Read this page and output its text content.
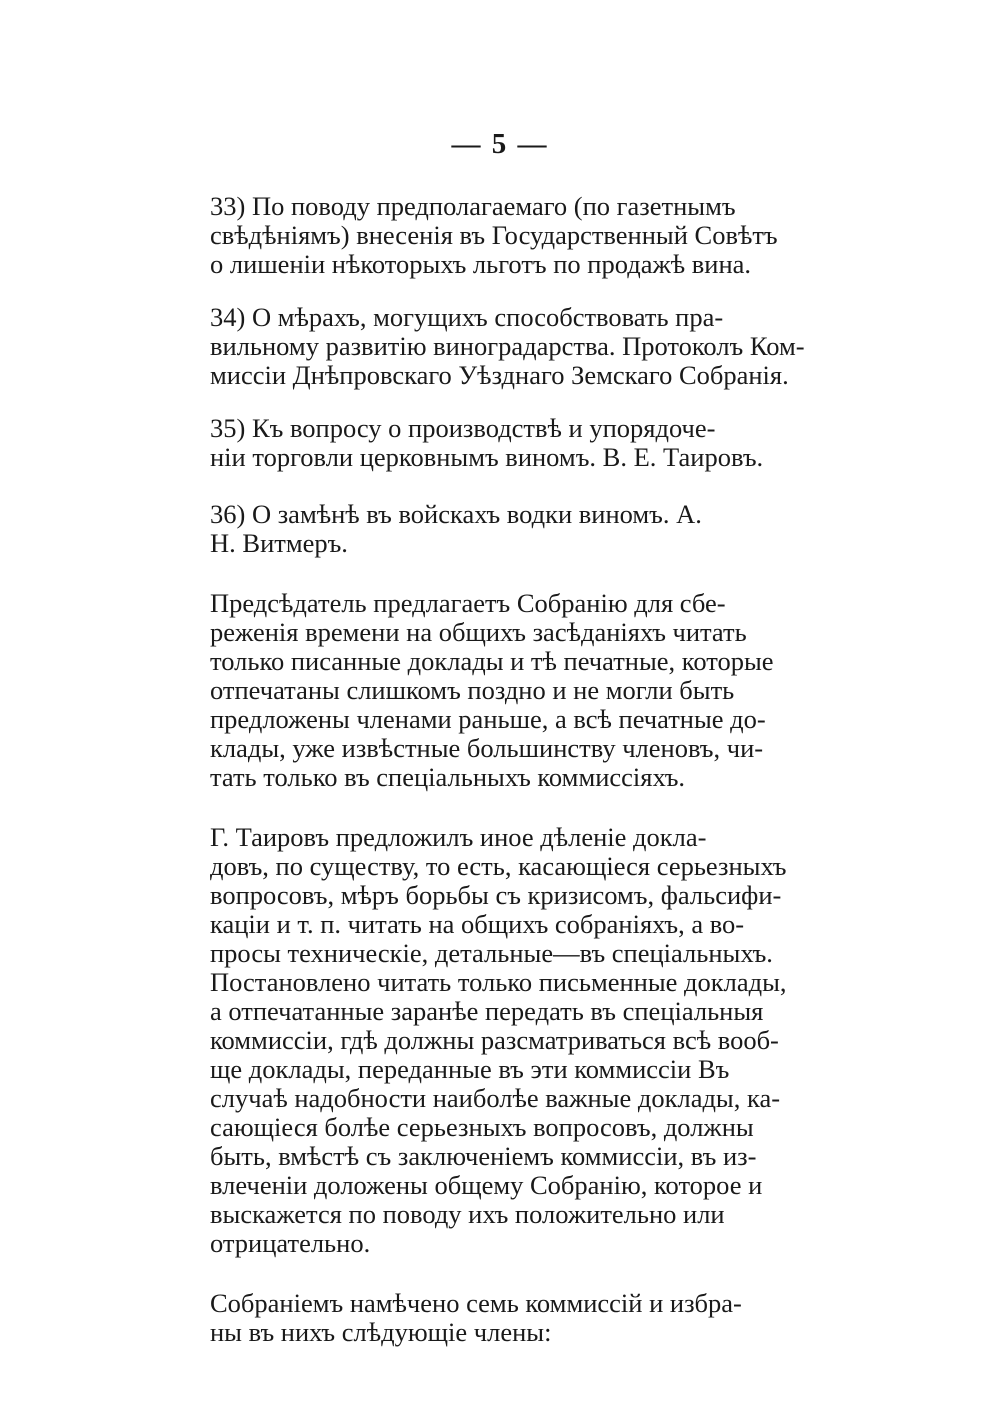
— 5 —

33) По поводу предполагаемаго (по газетнымъ
свѣдѣніямъ) внесенія въ Государственный Совѣтъ
о лишеніи нѣкоторыхъ льготъ по продажѣ вина.

34) О мѣрахъ, могущихъ способствовать пра-
вильному развитію виноградарства. Протоколъ Ком-
миссіи Днѣпровскаго Уѣзднаго Земскаго Собранія.

35) Къ вопросу о производствѣ и упорядоче-
ніи торговли церковнымъ виномъ. В. Е. Таировъ.

36) О замѣнѣ въ войскахъ водки виномъ. А.
Н. Витмеръ.

Предсѣдатель предлагаетъ Собранію для сбе-
реженія времени на общихъ засѣданіяхъ читать
только писанные доклады и тѣ печатные, которые
отпечатаны слишкомъ поздно и не могли быть
предложены членами раньше, а всѣ печатные до-
клады, уже извѣстные большинству членовъ, чи-
тать только въ спеціальныхъ коммиссіяхъ.

Г. Таировъ предложилъ иное дѣленіе докла-
довъ, по существу, то есть, касающіеся серьезныхъ
вопросовъ, мѣръ борьбы съ кризисомъ, фальсифи-
каціи и т. п. читать на общихъ собраніяхъ, а во-
просы техническіе, детальные—въ спеціальныхъ.
Постановлено читать только письменные доклады,
а отпечатанные заранѣе передать въ спеціальныя
коммиссіи, гдѣ должны разсматриваться всѣ вооб-
ще доклады, переданные въ эти коммиссіи Въ
случаѣ надобности наиболѣе важные доклады, ка-
сающіеся болѣе серьезныхъ вопросовъ, должны
быть, вмѣстѣ съ заключеніемъ коммиссіи, въ из-
влеченіи доложены общему Собранію, которое и
выскажется по поводу ихъ положительно или
отрицательно.

Собраніемъ намѣчено семь коммиссій и избра-
ны въ нихъ слѣдующіе члены:
